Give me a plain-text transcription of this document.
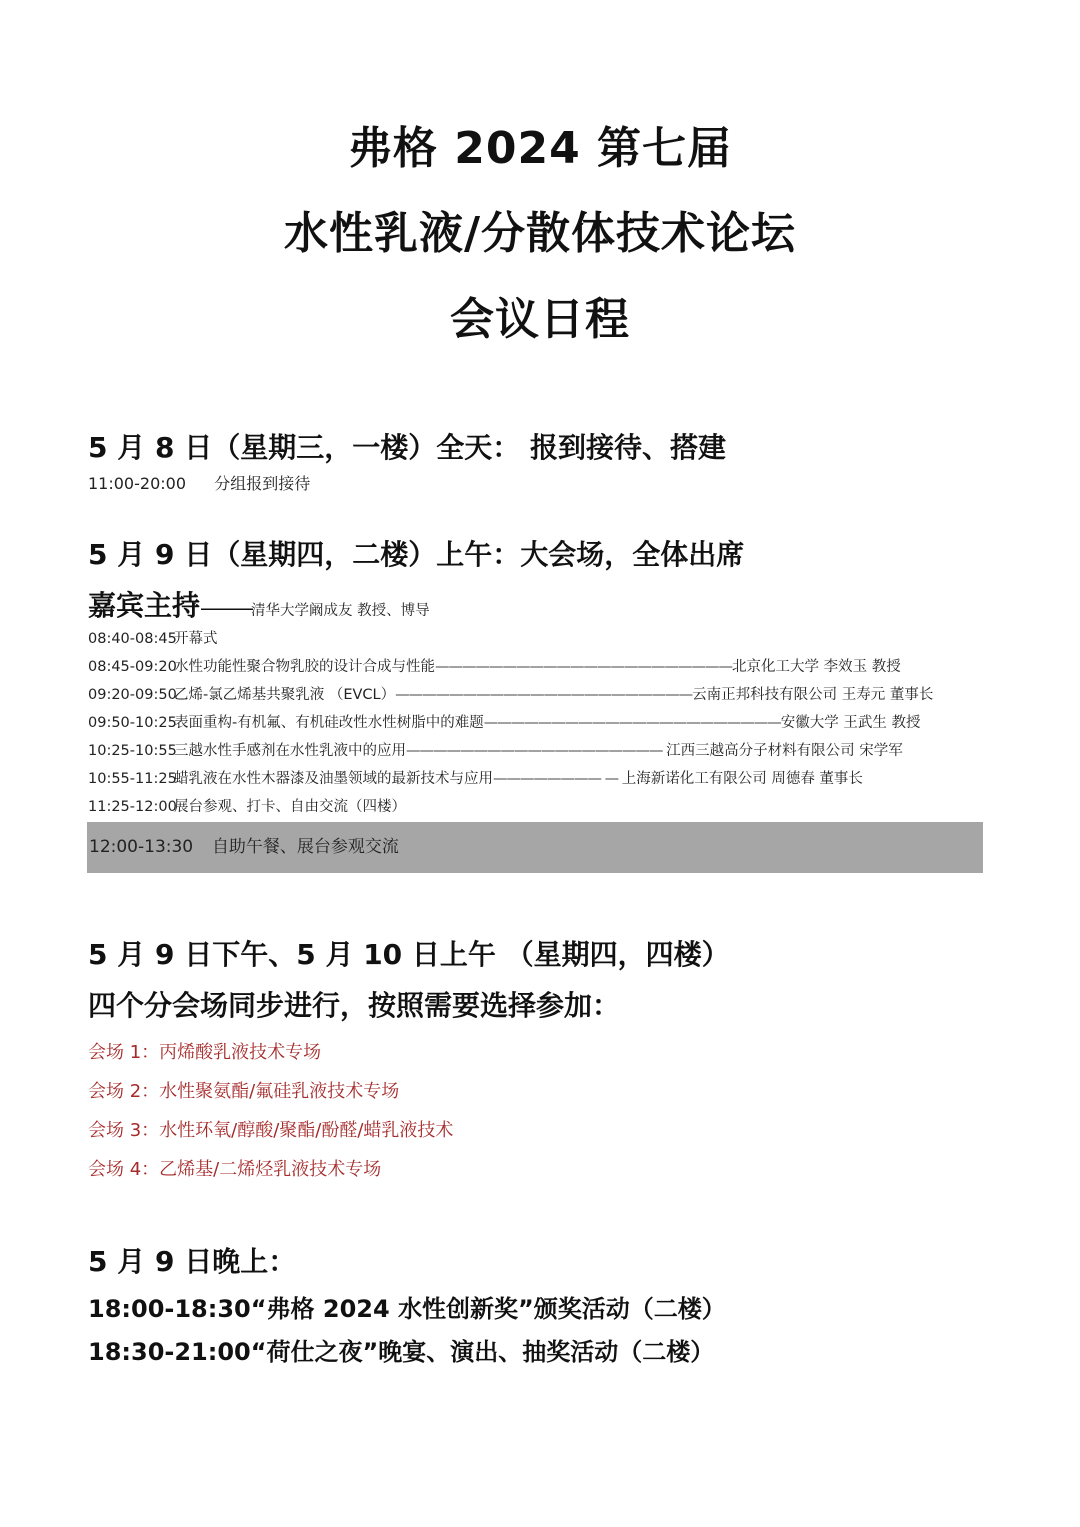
弗格 2024 第七届
水性乳液/分散体技术论坛
会议日程
5 月 8 日（星期三，一楼）全天： 报到接待、搭建
11:00-20:00 分组报到接待
5 月 9 日（星期四，二楼）上午：大会场，全体出席
嘉宾主持———清华大学阚成友 教授、博导
08:40-08:45开幕式
08:45-09:20水性功能性聚合物乳胶的设计合成与性能——————————————————————北京化工大学 李效玉 教授
09:20-09:50乙烯-氯乙烯基共聚乳液 （EVCL）——————————————————————云南正邦科技有限公司 王寿元 董事长
09:50-10:25表面重构-有机氟、有机硅改性水性树脂中的难题——————————————————————安徽大学 王武生 教授
10:25-10:55三越水性手感剂在水性乳液中的应用——————————————————— 江西三越高分子材料有限公司 宋学军
10:55-11:25蜡乳液在水性木器漆及油墨领域的最新技术与应用———————— — 上海新诺化工有限公司 周德春 董事长
11:25-12:00展台参观、打卡、自由交流（四楼）
12:00-13:30 自助午餐、展台参观交流
5 月 9 日下午、5 月 10 日上午 （星期四，四楼）
四个分会场同步进行，按照需要选择参加：
会场 1：丙烯酸乳液技术专场
会场 2：水性聚氨酯/氟硅乳液技术专场
会场 3：水性环氧/醇酸/聚酯/酚醛/蜡乳液技术
会场 4：乙烯基/二烯烃乳液技术专场
5 月 9 日晚上：
18:00-18:30“弗格 2024 水性创新奖”颁奖活动（二楼）
18:30-21:00“荷仕之夜”晚宴、演出、抽奖活动（二楼）
